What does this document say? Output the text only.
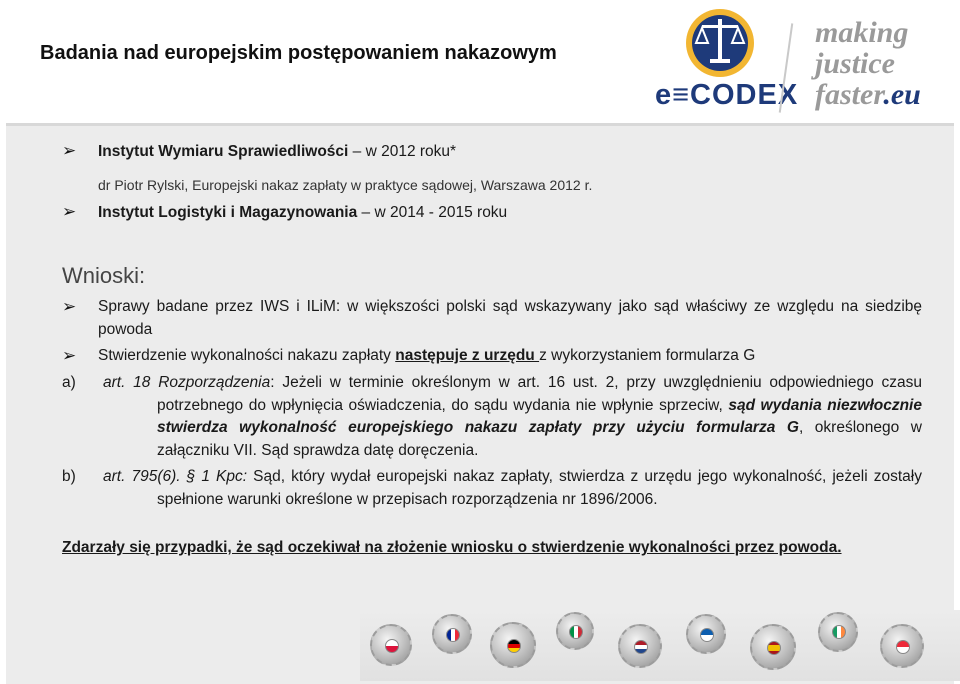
Badania nad europejskim postępowaniem nakazowym
e≡CODEX
making
justice
faster.eu
➢ Instytut Wymiaru Sprawiedliwości – w 2012 roku*
dr Piotr Rylski, Europejski nakaz zapłaty w praktyce sądowej, Warszawa 2012 r.
➢ Instytut Logistyki i Magazynowania – w 2014 - 2015 roku
Wnioski:
➢ Sprawy badane przez IWS i ILiM: w większości polski sąd wskazywany jako sąd właściwy ze względu na siedzibę powoda
➢ Stwierdzenie wykonalności nakazu zapłaty następuje z urzędu z wykorzystaniem formularza G
a) art. 18 Rozporządzenia: Jeżeli w terminie określonym w art. 16 ust. 2, przy uwzględnieniu odpowiedniego czasu potrzebnego do wpłynięcia oświadczenia, do sądu wydania nie wpłynie sprzeciw, sąd wydania niezwłocznie stwierdza wykonalność europejskiego nakazu zapłaty przy użyciu formularza G, określonego w załączniku VII. Sąd sprawdza datę doręczenia.
b) art. 795(6). § 1 Kpc: Sąd, który wydał europejski nakaz zapłaty, stwierdza z urzędu jego wykonalność, jeżeli zostały spełnione warunki określone w przepisach rozporządzenia nr 1896/2006.
Zdarzały się przypadki, że sąd oczekiwał na złożenie wniosku o stwierdzenie wykonalności przez powoda.
